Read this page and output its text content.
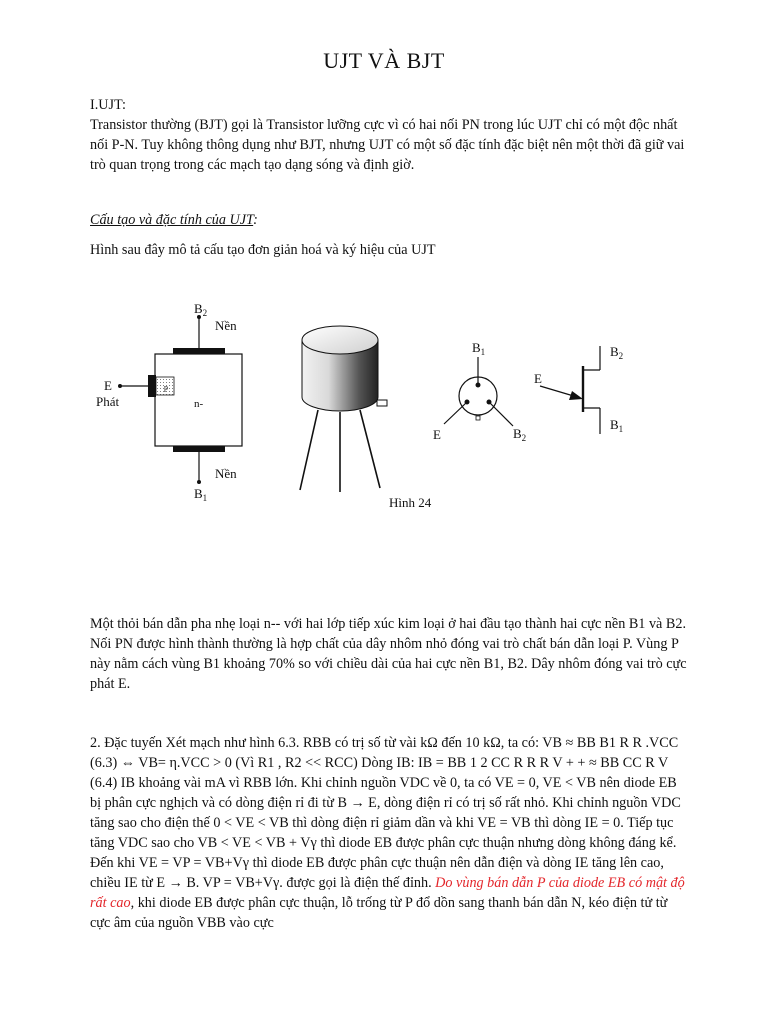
UJT VÀ BJT
I.UJT:
Transistor thường (BJT) gọi là Transistor lưỡng cực vì có hai nối PN trong lúc UJT chỉ có một độc nhất nối P-N. Tuy không thông dụng như BJT, nhưng UJT có một số đặc tính đặc biệt nên một thời đã giữ vai trò quan trọng trong các mạch tạo dạng sóng và định giờ.
Cấu tạo và đặc tính của UJT:
Hình sau đây mô tả cấu tạo đơn giản hoá và ký hiệu của UJT
$B_2$
Nền
E
Phát
p
n-
Nền
$B_1$	Hình 24
$B_1$
E	$B_2$
E
$B_2$
$B_1$
Một thỏi bán dẫn pha nhẹ loại n-- với hai lớp tiếp xúc kim loại ở hai đầu tạo thành hai cực nền B1 và B2. Nối PN được hình thành thường là hợp chất của dây nhôm nhỏ đóng vai trò chất bán dẫn loại P. Vùng P này nằm cách vùng B1 khoảng 70% so với chiều dài của hai cực nền B1, B2. Dây nhôm đóng vai trò cực phát E.
2. Đặc tuyến Xét mạch như hình 6.3. RBB có trị số từ vài kΩ đến 10 kΩ, ta có: VB ≈ BB B1 R R .VCC (6.3) ⇔ VB= η.VCC > 0 (Vì R1 , R2 << RCC) Dòng IB: IB = BB 1 2 CC R R R V + + ≈ BB CC R V (6.4) IB khoảng vài mA vì RBB lớn. Khi chỉnh nguồn VDC về 0, ta có VE = 0, VE < VB nên diode EB bị phân cực nghịch và có dòng điện rỉ đi từ B → E, dòng điện rỉ có trị số rất nhỏ. Khi chỉnh nguồn VDC tăng sao cho điện thế 0 < VE < VB thì dòng điện rỉ giảm dần và khi VE = VB thì dòng IE = 0. Tiếp tục tăng VDC sao cho VB < VE < VB + Vγ thì diode EB được phân cực thuận nhưng dòng không đáng kể. Đến khi VE = VP = VB+Vγ thì diode EB được phân cực thuận nên dẫn điện và dòng IE tăng lên cao, chiều IE từ E → B. VP = VB+Vγ. được gọi là điện thế đỉnh. Do vùng bán dẫn P của diode EB có mật độ rất cao, khi diode EB được phân cực thuận, lỗ trống từ P đổ dồn sang thanh bán dẫn N, kéo điện tử từ cực âm của nguồn VBB vào cực
